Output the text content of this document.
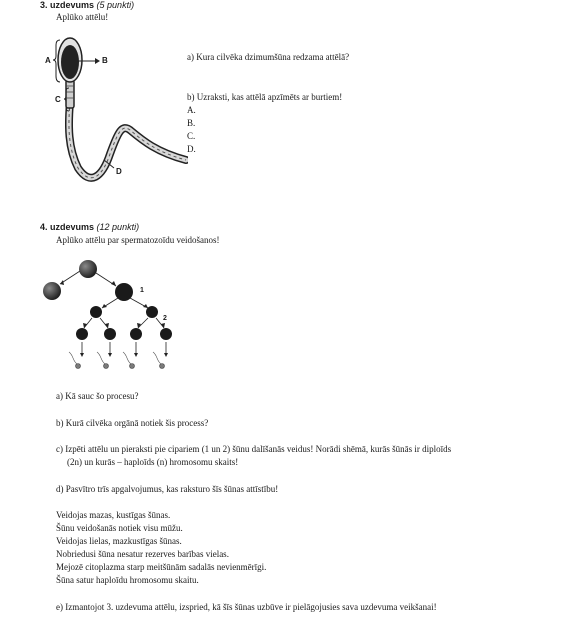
3. uzdevums (5 punkti)
Aplūko attēlu!
A	B
C
D
a) Kura cilvēka dzimumšūna redzama attēlā?
b) Uzraksti, kas attēlā apzīmēts ar burtiem!
A.
B.
C.
D.
4. uzdevums (12 punkti)
Aplūko attēlu par spermatozoīdu veidošanos!
1
2
a) Kā sauc šo procesu?
b) Kurā cilvēka orgānā notiek šis process?
c) Izpēti attēlu un pieraksti pie cipariem (1 un 2) šūnu dalīšanās veidus! Norādi shēmā, kurās šūnās ir diploīds
(2n) un kurās – haploīds (n) hromosomu skaits!
d) Pasvītro trīs apgalvojumus, kas raksturo šīs šūnas attīstību!
Veidojas mazas, kustīgas šūnas.
Šūnu veidošanās notiek visu mūžu.
Veidojas lielas, mazkustīgas šūnas.
Nobriedusi šūna nesatur rezerves barības vielas.
Mejozē citoplazma starp meitšūnām sadalās nevienmērīgi.
Šūna satur haploīdu hromosomu skaitu.
e) Izmantojot 3. uzdevuma attēlu, izspried, kā šīs šūnas uzbūve ir pielāgojusies sava uzdevuma veikšanai!
